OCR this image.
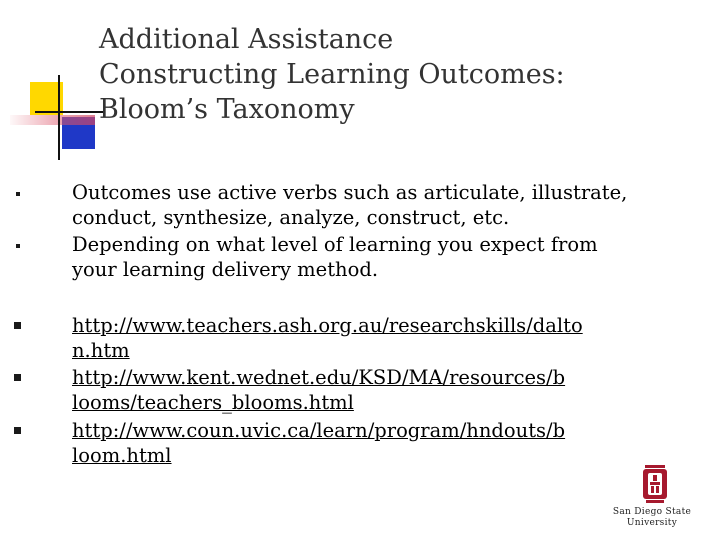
Additional Assistance
Constructing Learning Outcomes:
Bloom’s Taxonomy
Outcomes use active verbs such as articulate, illustrate,
conduct, synthesize, analyze, construct, etc.
Depending on what level of learning you expect from
your learning delivery method.
http://www.teachers.ash.org.au/researchskills/dalto
n.htm
http://www.kent.wednet.edu/KSD/MA/resources/b
looms/teachers_blooms.html
http://www.coun.uvic.ca/learn/program/hndouts/b
loom.html
San Diego State
University
